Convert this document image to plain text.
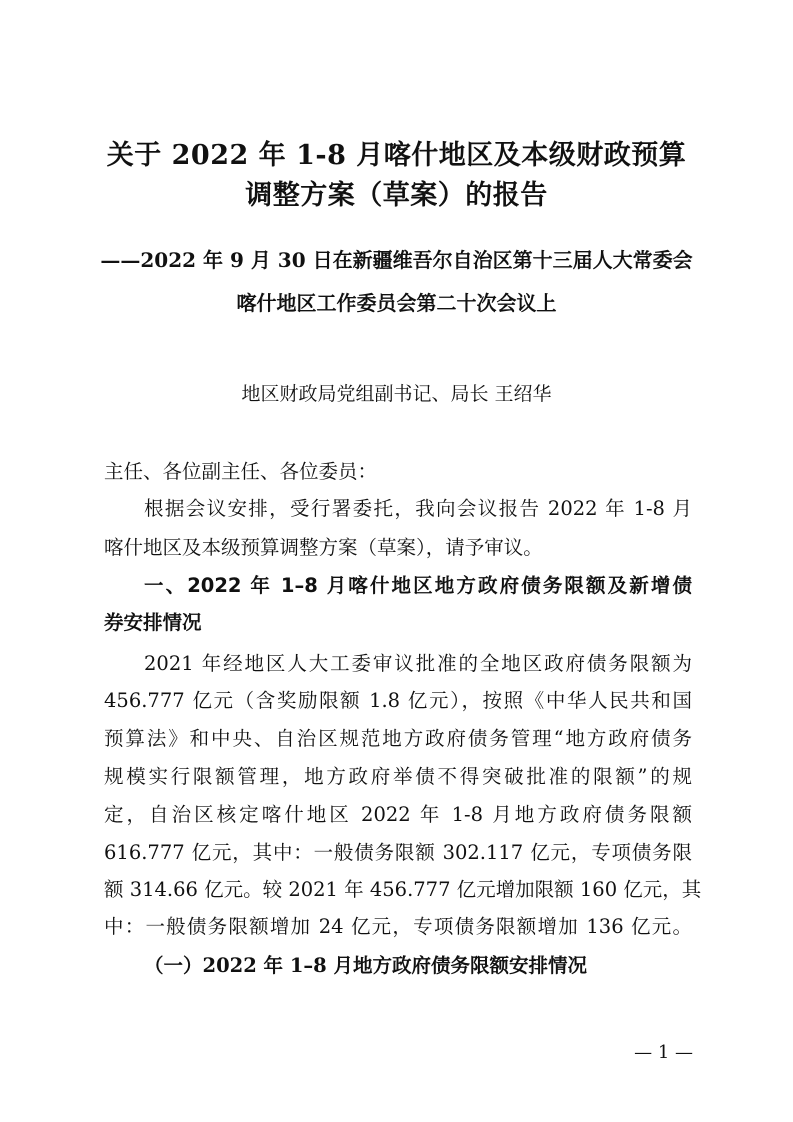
关于 2022 年 1-8 月喀什地区及本级财政预算
调整方案（草案）的报告
——2022 年 9 月 30 日在新疆维吾尔自治区第十三届人大常委会
喀什地区工作委员会第二十次会议上
地区财政局党组副书记、局长 王绍华
主任、各位副主任、各位委员：
根据会议安排，受行署委托，我向会议报告 2022 年 1-8 月
喀什地区及本级预算调整方案（草案），请予审议。
一、2022 年 1–8 月喀什地区地方政府债务限额及新增债
券安排情况
2021 年经地区人大工委审议批准的全地区政府债务限额为
456.777 亿元（含奖励限额 1.8 亿元），按照《中华人民共和国
预算法》和中央、自治区规范地方政府债务管理“地方政府债务
规模实行限额管理，地方政府举债不得突破批准的限额”的规
定，自治区核定喀什地区 2022 年 1-8 月地方政府债务限额
616.777 亿元，其中：一般债务限额 302.117 亿元，专项债务限
额 314.66 亿元。较 2021 年 456.777 亿元增加限额 160 亿元，其
中：一般债务限额增加 24 亿元，专项债务限额增加 136 亿元。
（一）2022 年 1–8 月地方政府债务限额安排情况
— 1 —
